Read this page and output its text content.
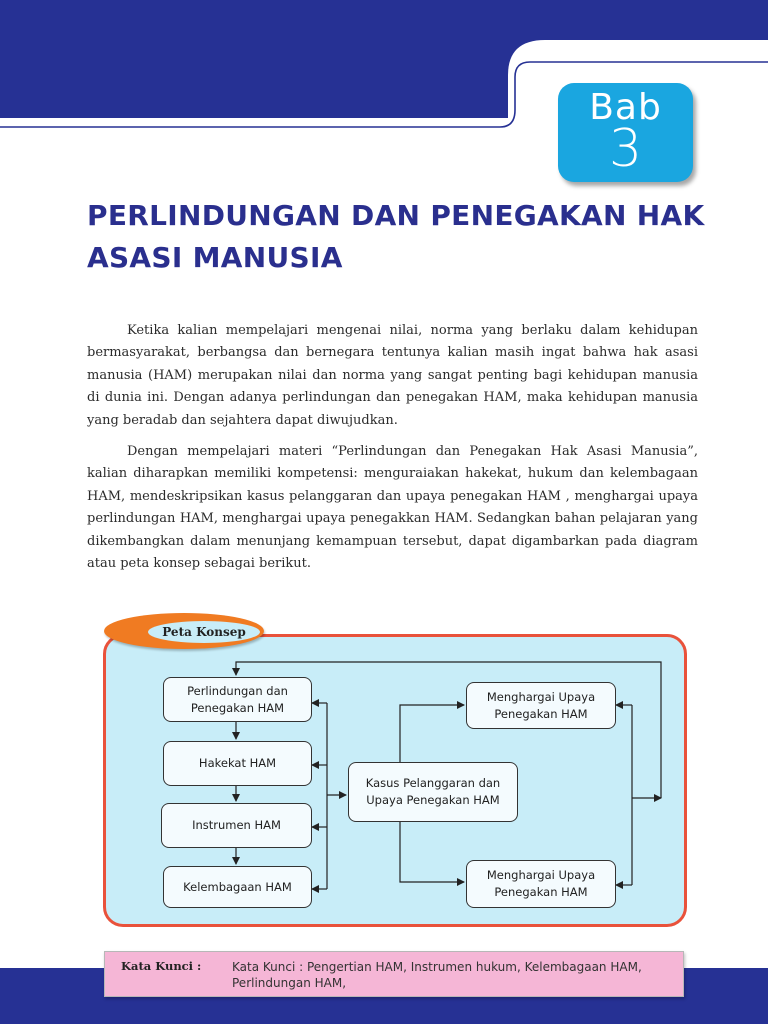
Bab
3
PERLINDUNGAN DAN PENEGAKAN HAK ASASI MANUSIA

Ketika kalian mempelajari mengenai nilai, norma yang berlaku dalam kehidupan bermasyarakat, berbangsa dan bernegara tentunya kalian masih ingat bahwa hak asasi manusia (HAM) merupakan nilai dan norma yang sangat penting bagi kehidupan manusia di dunia ini. Dengan adanya perlindungan dan penegakan HAM, maka kehidupan manusia yang beradab dan sejahtera dapat diwujudkan.

Dengan mempelajari materi “Perlindungan dan Penegakan Hak Asasi Manusia”, kalian diharapkan memiliki kompetensi: menguraiakan hakekat, hukum dan kelembagaan HAM, mendeskripsikan kasus pelanggaran dan upaya penegakan HAM , menghargai upaya perlindungan HAM, menghargai upaya penegakkan HAM. Sedangkan bahan pelajaran yang dikembangkan dalam menunjang kemampuan tersebut, dapat digambarkan pada diagram atau peta konsep sebagai berikut.

Peta Konsep
Perlindungan dan
Penegakan HAM
Hakekat HAM
Instrumen HAM
Kelembagaan HAM
Kasus Pelanggaran dan
Upaya Penegakan HAM
Menghargai Upaya
Penegakan HAM
Menghargai Upaya
Penegakan HAM
Kata Kunci :	Kata Kunci : Pengertian HAM, Instrumen hukum, Kelembagaan HAM, Perlindungan HAM,
